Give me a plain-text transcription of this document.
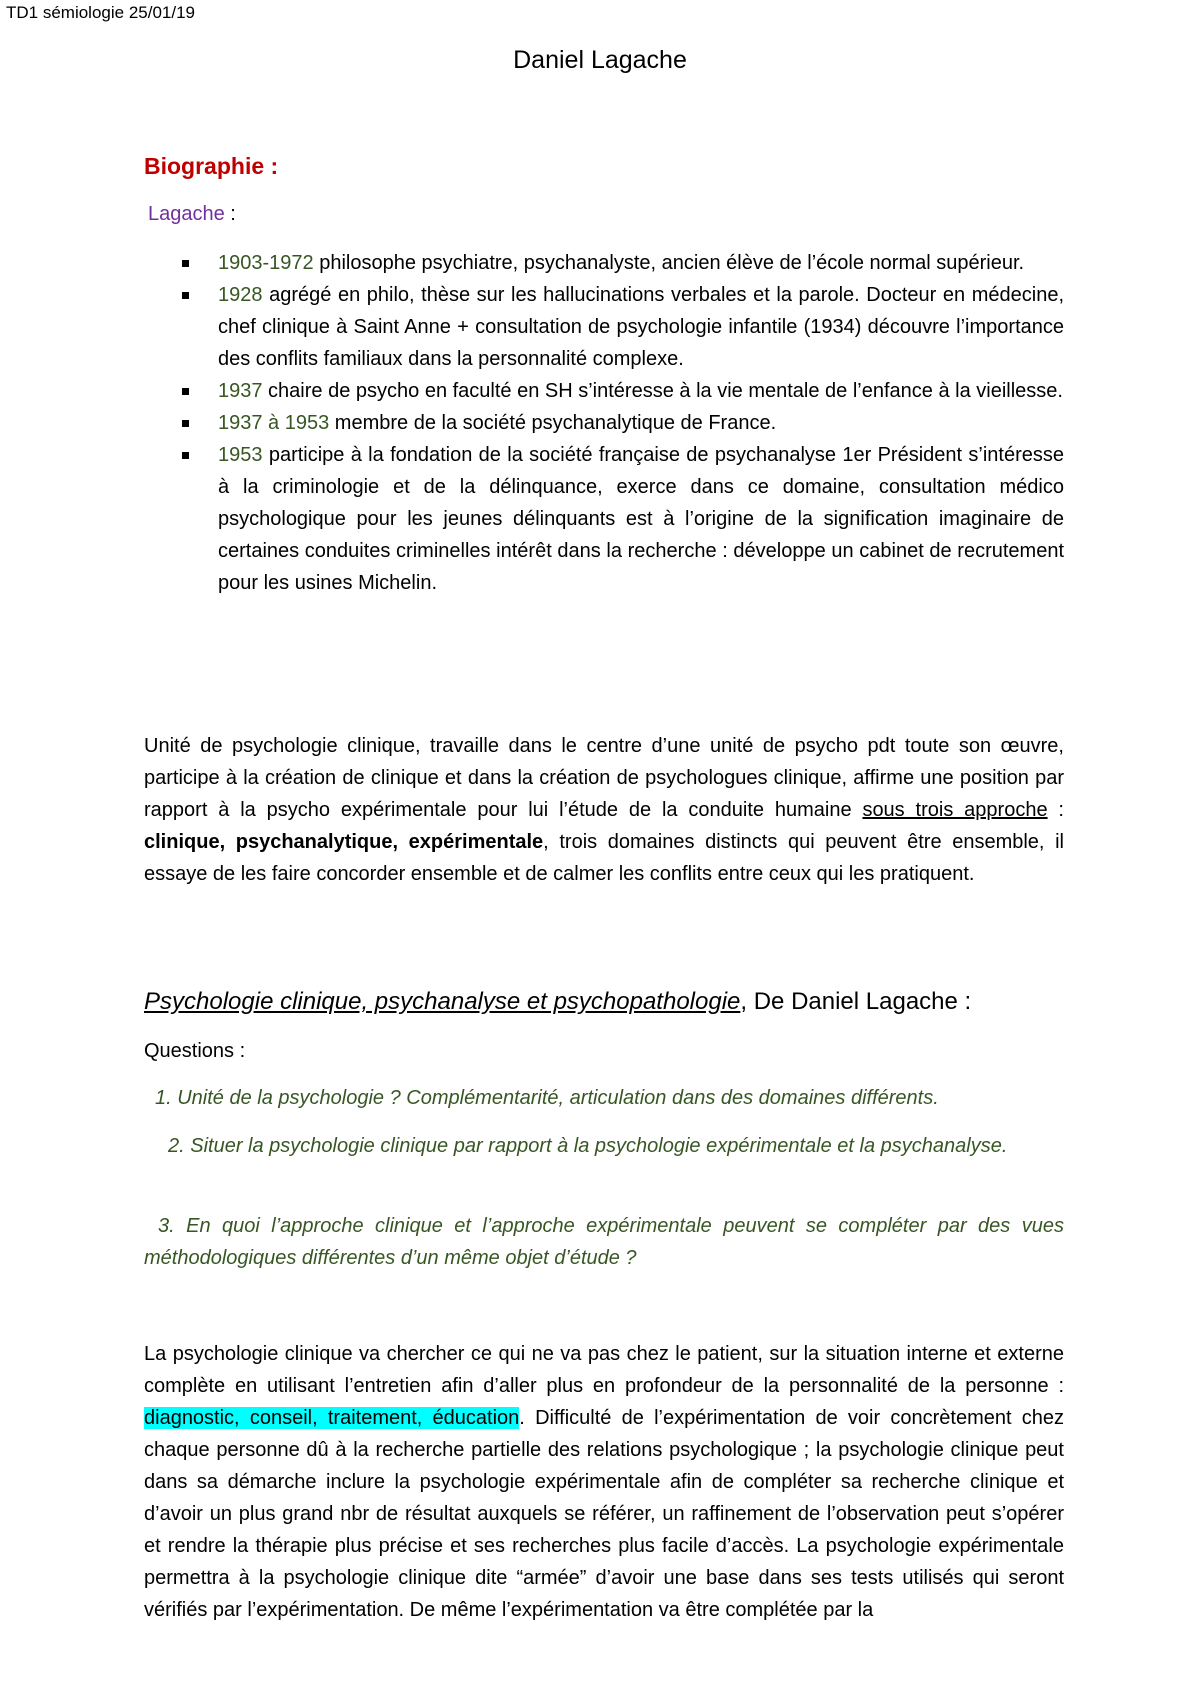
TD1 sémiologie 25/01/19
Daniel Lagache
Biographie :
Lagache :
1903-1972 philosophe psychiatre, psychanalyste, ancien élève de l’école normal supérieur.
1928 agrégé en philo, thèse sur les hallucinations verbales et la parole. Docteur en médecine, chef clinique à Saint Anne + consultation de psychologie infantile (1934) découvre l’importance des conflits familiaux dans la personnalité complexe.
1937 chaire de psycho en faculté en SH s’intéresse à la vie mentale de l’enfance à la vieillesse.
1937 à 1953 membre de la société psychanalytique de France.
1953 participe à la fondation de la société française de psychanalyse 1er Président s’intéresse à la criminologie et de la délinquance, exerce dans ce domaine, consultation médico psychologique pour les jeunes délinquants est à l’origine de la signification imaginaire de certaines conduites criminelles intérêt dans la recherche : développe un cabinet de recrutement pour les usines Michelin.

Unité de psychologie clinique, travaille dans le centre d’une unité de psycho pdt toute son œuvre, participe à la création de clinique et dans la création de psychologues clinique, affirme une position par rapport à la psycho expérimentale pour lui l’étude de la conduite humaine sous trois approche : clinique, psychanalytique, expérimentale, trois domaines distincts qui peuvent être ensemble, il essaye de les faire concorder ensemble et de calmer les conflits entre ceux qui les pratiquent.

Psychologie clinique, psychanalyse et psychopathologie, De Daniel Lagache :
Questions :
1. Unité de la psychologie ? Complémentarité, articulation dans des domaines différents.
2. Situer la psychologie clinique par rapport à la psychologie expérimentale et la psychanalyse.
3. En quoi l’approche clinique et l’approche expérimentale peuvent se compléter par des vues méthodologiques différentes d’un même objet d’étude ?

La psychologie clinique va chercher ce qui ne va pas chez le patient, sur la situation interne et externe complète en utilisant l’entretien afin d’aller plus en profondeur de la personnalité de la personne : diagnostic, conseil, traitement, éducation. Difficulté de l’expérimentation de voir concrètement chez chaque personne dû à la recherche partielle des relations psychologique ; la psychologie clinique peut dans sa démarche inclure la psychologie expérimentale afin de compléter sa recherche clinique et d’avoir un plus grand nbr de résultat auxquels se référer, un raffinement de l’observation peut s’opérer et rendre la thérapie plus précise et ses recherches plus facile d’accès. La psychologie expérimentale permettra à la psychologie clinique dite “armée” d’avoir une base dans ses tests utilisés qui seront vérifiés par l’expérimentation. De même l’expérimentation va être complétée par la
